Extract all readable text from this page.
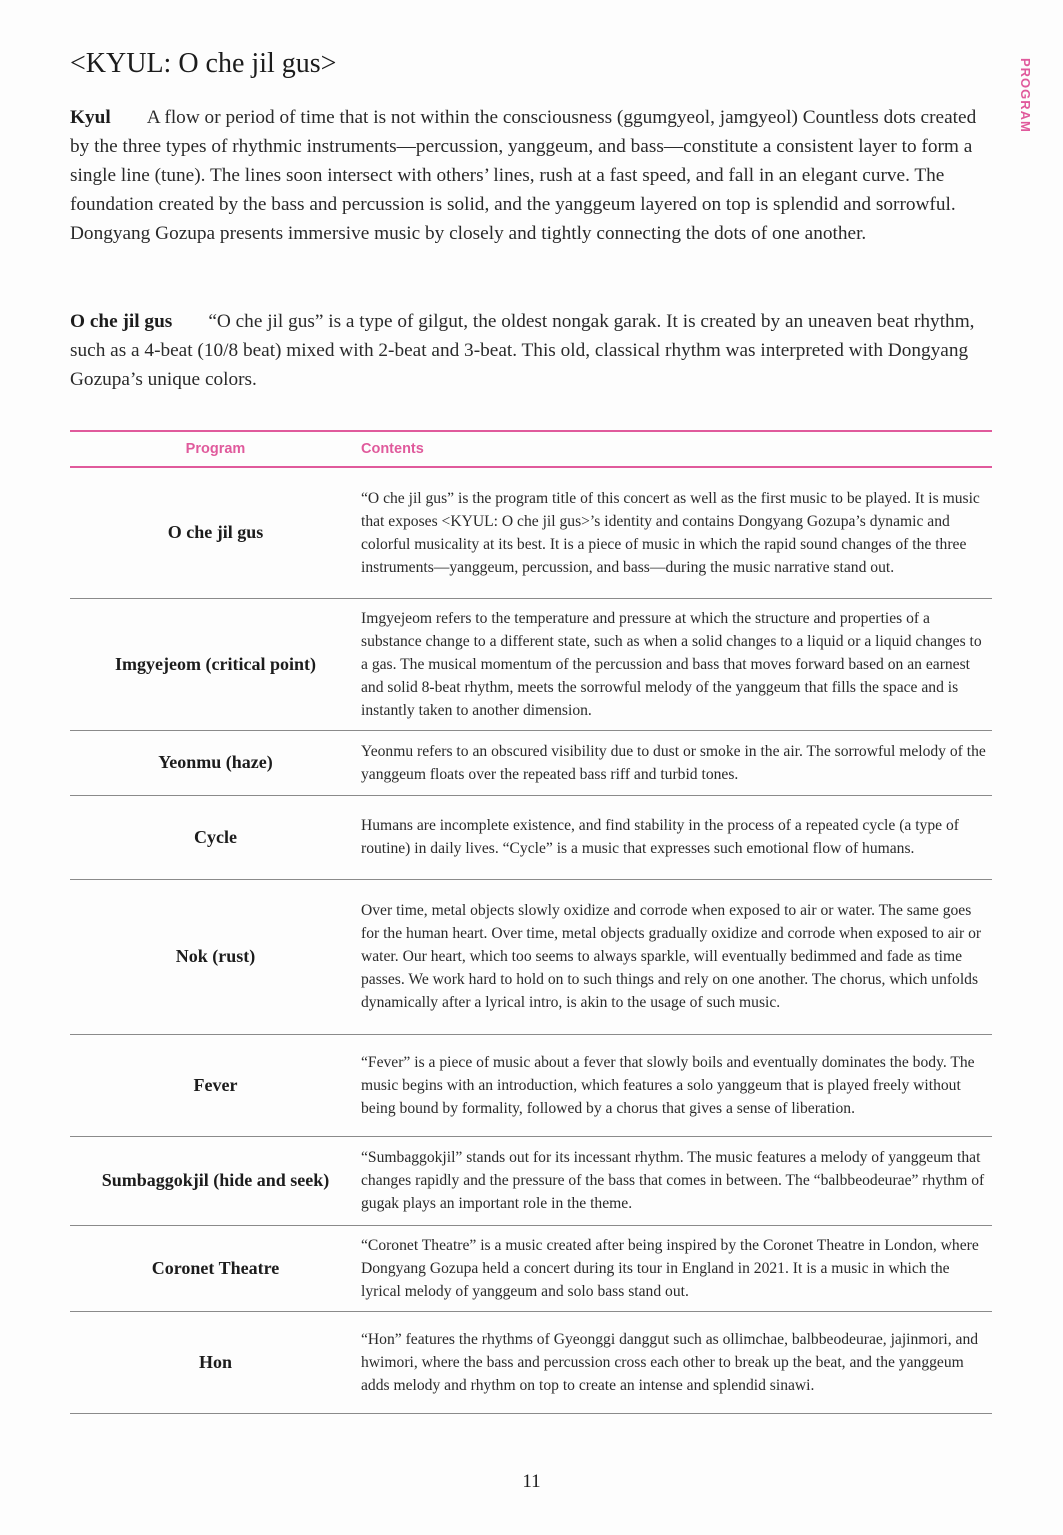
PROGRAM
<KYUL: O che jil gus>

Kyul A flow or period of time that is not within the consciousness (ggumgyeol, jamgyeol) Countless dots created by the three types of rhythmic instruments—percussion, yanggeum, and bass—constitute a consistent layer to form a single line (tune). The lines soon intersect with others’ lines, rush at a fast speed, and fall in an elegant curve. The foundation created by the bass and percussion is solid, and the yanggeum layered on top is splendid and sorrowful. Dongyang Gozupa presents immersive music by closely and tightly connecting the dots of one another.

O che jil gus “O che jil gus” is a type of gilgut, the oldest nongak garak. It is created by an uneaven beat rhythm, such as a 4-beat (10/8 beat) mixed with 2-beat and 3-beat. This old, classical rhythm was interpreted with Dongyang Gozupa’s unique colors.

Program	Contents
O che jil gus	“O che jil gus” is the program title of this concert as well as the first music to be played. It is music that exposes <KYUL: O che jil gus>’s identity and contains Dongyang Gozupa’s dynamic and colorful musicality at its best. It is a piece of music in which the rapid sound changes of the three instruments—yanggeum, percussion, and bass—during the music narrative stand out.
Imgyejeom (critical point)	Imgyejeom refers to the temperature and pressure at which the structure and properties of a substance change to a different state, such as when a solid changes to a liquid or a liquid changes to a gas. The musical momentum of the percussion and bass that moves forward based on an earnest and solid 8-beat rhythm, meets the sorrowful melody of the yanggeum that fills the space and is instantly taken to another dimension.
Yeonmu (haze)	Yeonmu refers to an obscured visibility due to dust or smoke in the air. The sorrowful melody of the yanggeum floats over the repeated bass riff and turbid tones.
Cycle	Humans are incomplete existence, and find stability in the process of a repeated cycle (a type of routine) in daily lives. “Cycle” is a music that expresses such emotional flow of humans.
Nok (rust)	Over time, metal objects slowly oxidize and corrode when exposed to air or water. The same goes for the human heart. Over time, metal objects gradually oxidize and corrode when exposed to air or water. Our heart, which too seems to always sparkle, will eventually bedimmed and fade as time passes. We work hard to hold on to such things and rely on one another. The chorus, which unfolds dynamically after a lyrical intro, is akin to the usage of such music.
Fever	“Fever” is a piece of music about a fever that slowly boils and eventually dominates the body. The music begins with an introduction, which features a solo yanggeum that is played freely without being bound by formality, followed by a chorus that gives a sense of liberation.
Sumbaggokjil (hide and seek)	“Sumbaggokjil” stands out for its incessant rhythm. The music features a melody of yanggeum that changes rapidly and the pressure of the bass that comes in between. The “balbbeodeurae” rhythm of gugak plays an important role in the theme.
Coronet Theatre	“Coronet Theatre” is a music created after being inspired by the Coronet Theatre in London, where Dongyang Gozupa held a concert during its tour in England in 2021. It is a music in which the lyrical melody of yanggeum and solo bass stand out.
Hon	“Hon” features the rhythms of Gyeonggi danggut such as ollimchae, balbbeodeurae, jajinmori, and hwimori, where the bass and percussion cross each other to break up the beat, and the yanggeum adds melody and rhythm on top to create an intense and splendid sinawi.
11
